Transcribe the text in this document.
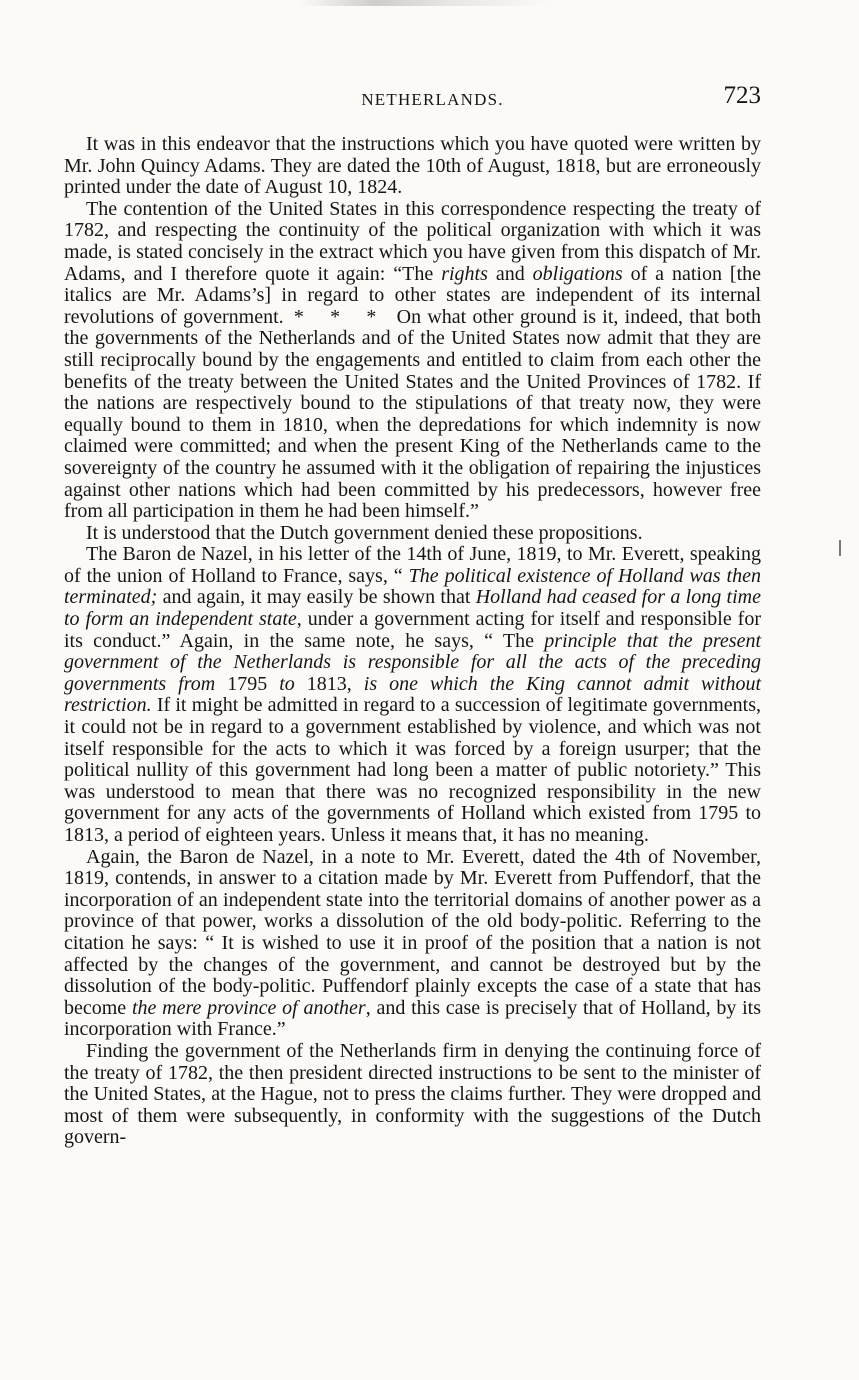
NETHERLANDS.	723

It was in this endeavor that the instructions which you have quoted were written by Mr. John Quincy Adams. They are dated the 10th of August, 1818, but are erroneously printed under the date of August 10, 1824.

The contention of the United States in this correspondence respecting the treaty of 1782, and respecting the continuity of the political organization with which it was made, is stated concisely in the extract which you have given from this dispatch of Mr. Adams, and I therefore quote it again: “The rights and obligations of a nation [the italics are Mr. Adams’s] in regard to other states are independent of its internal revolutions of government. * * * On what other ground is it, indeed, that both the governments of the Netherlands and of the United States now admit that they are still reciprocally bound by the engagements and entitled to claim from each other the benefits of the treaty between the United States and the United Provinces of 1782. If the nations are respectively bound to the stipulations of that treaty now, they were equally bound to them in 1810, when the depredations for which indemnity is now claimed were committed; and when the present King of the Netherlands came to the sovereignty of the country he assumed with it the obligation of repairing the injustices against other nations which had been committed by his predecessors, however free from all participation in them he had been himself.”

It is understood that the Dutch government denied these propositions.

The Baron de Nazel, in his letter of the 14th of June, 1819, to Mr. Everett, speaking of the union of Holland to France, says, “ The political existence of Holland was then terminated; and again, it may easily be shown that Holland had ceased for a long time to form an independent state, under a government acting for itself and responsible for its conduct.” Again, in the same note, he says, “ The principle that the present government of the Netherlands is responsible for all the acts of the preceding governments from 1795 to 1813, is one which the King cannot admit without restriction. If it might be admitted in regard to a succession of legitimate governments, it could not be in regard to a government established by violence, and which was not itself responsible for the acts to which it was forced by a foreign usurper; that the political nullity of this government had long been a matter of public notoriety.” This was understood to mean that there was no recognized responsibility in the new government for any acts of the governments of Holland which existed from 1795 to 1813, a period of eighteen years. Unless it means that, it has no meaning.

Again, the Baron de Nazel, in a note to Mr. Everett, dated the 4th of November, 1819, contends, in answer to a citation made by Mr. Everett from Puffendorf, that the incorporation of an independent state into the territorial domains of another power as a province of that power, works a dissolution of the old body-politic. Referring to the citation he says: “ It is wished to use it in proof of the position that a nation is not affected by the changes of the government, and cannot be destroyed but by the dissolution of the body-politic. Puffendorf plainly excepts the case of a state that has become the mere province of another, and this case is precisely that of Holland, by its incorporation with France.”

Finding the government of the Netherlands firm in denying the continuing force of the treaty of 1782, the then president directed instructions to be sent to the minister of the United States, at the Hague, not to press the claims further. They were dropped and most of them were subsequently, in conformity with the suggestions of the Dutch govern-
